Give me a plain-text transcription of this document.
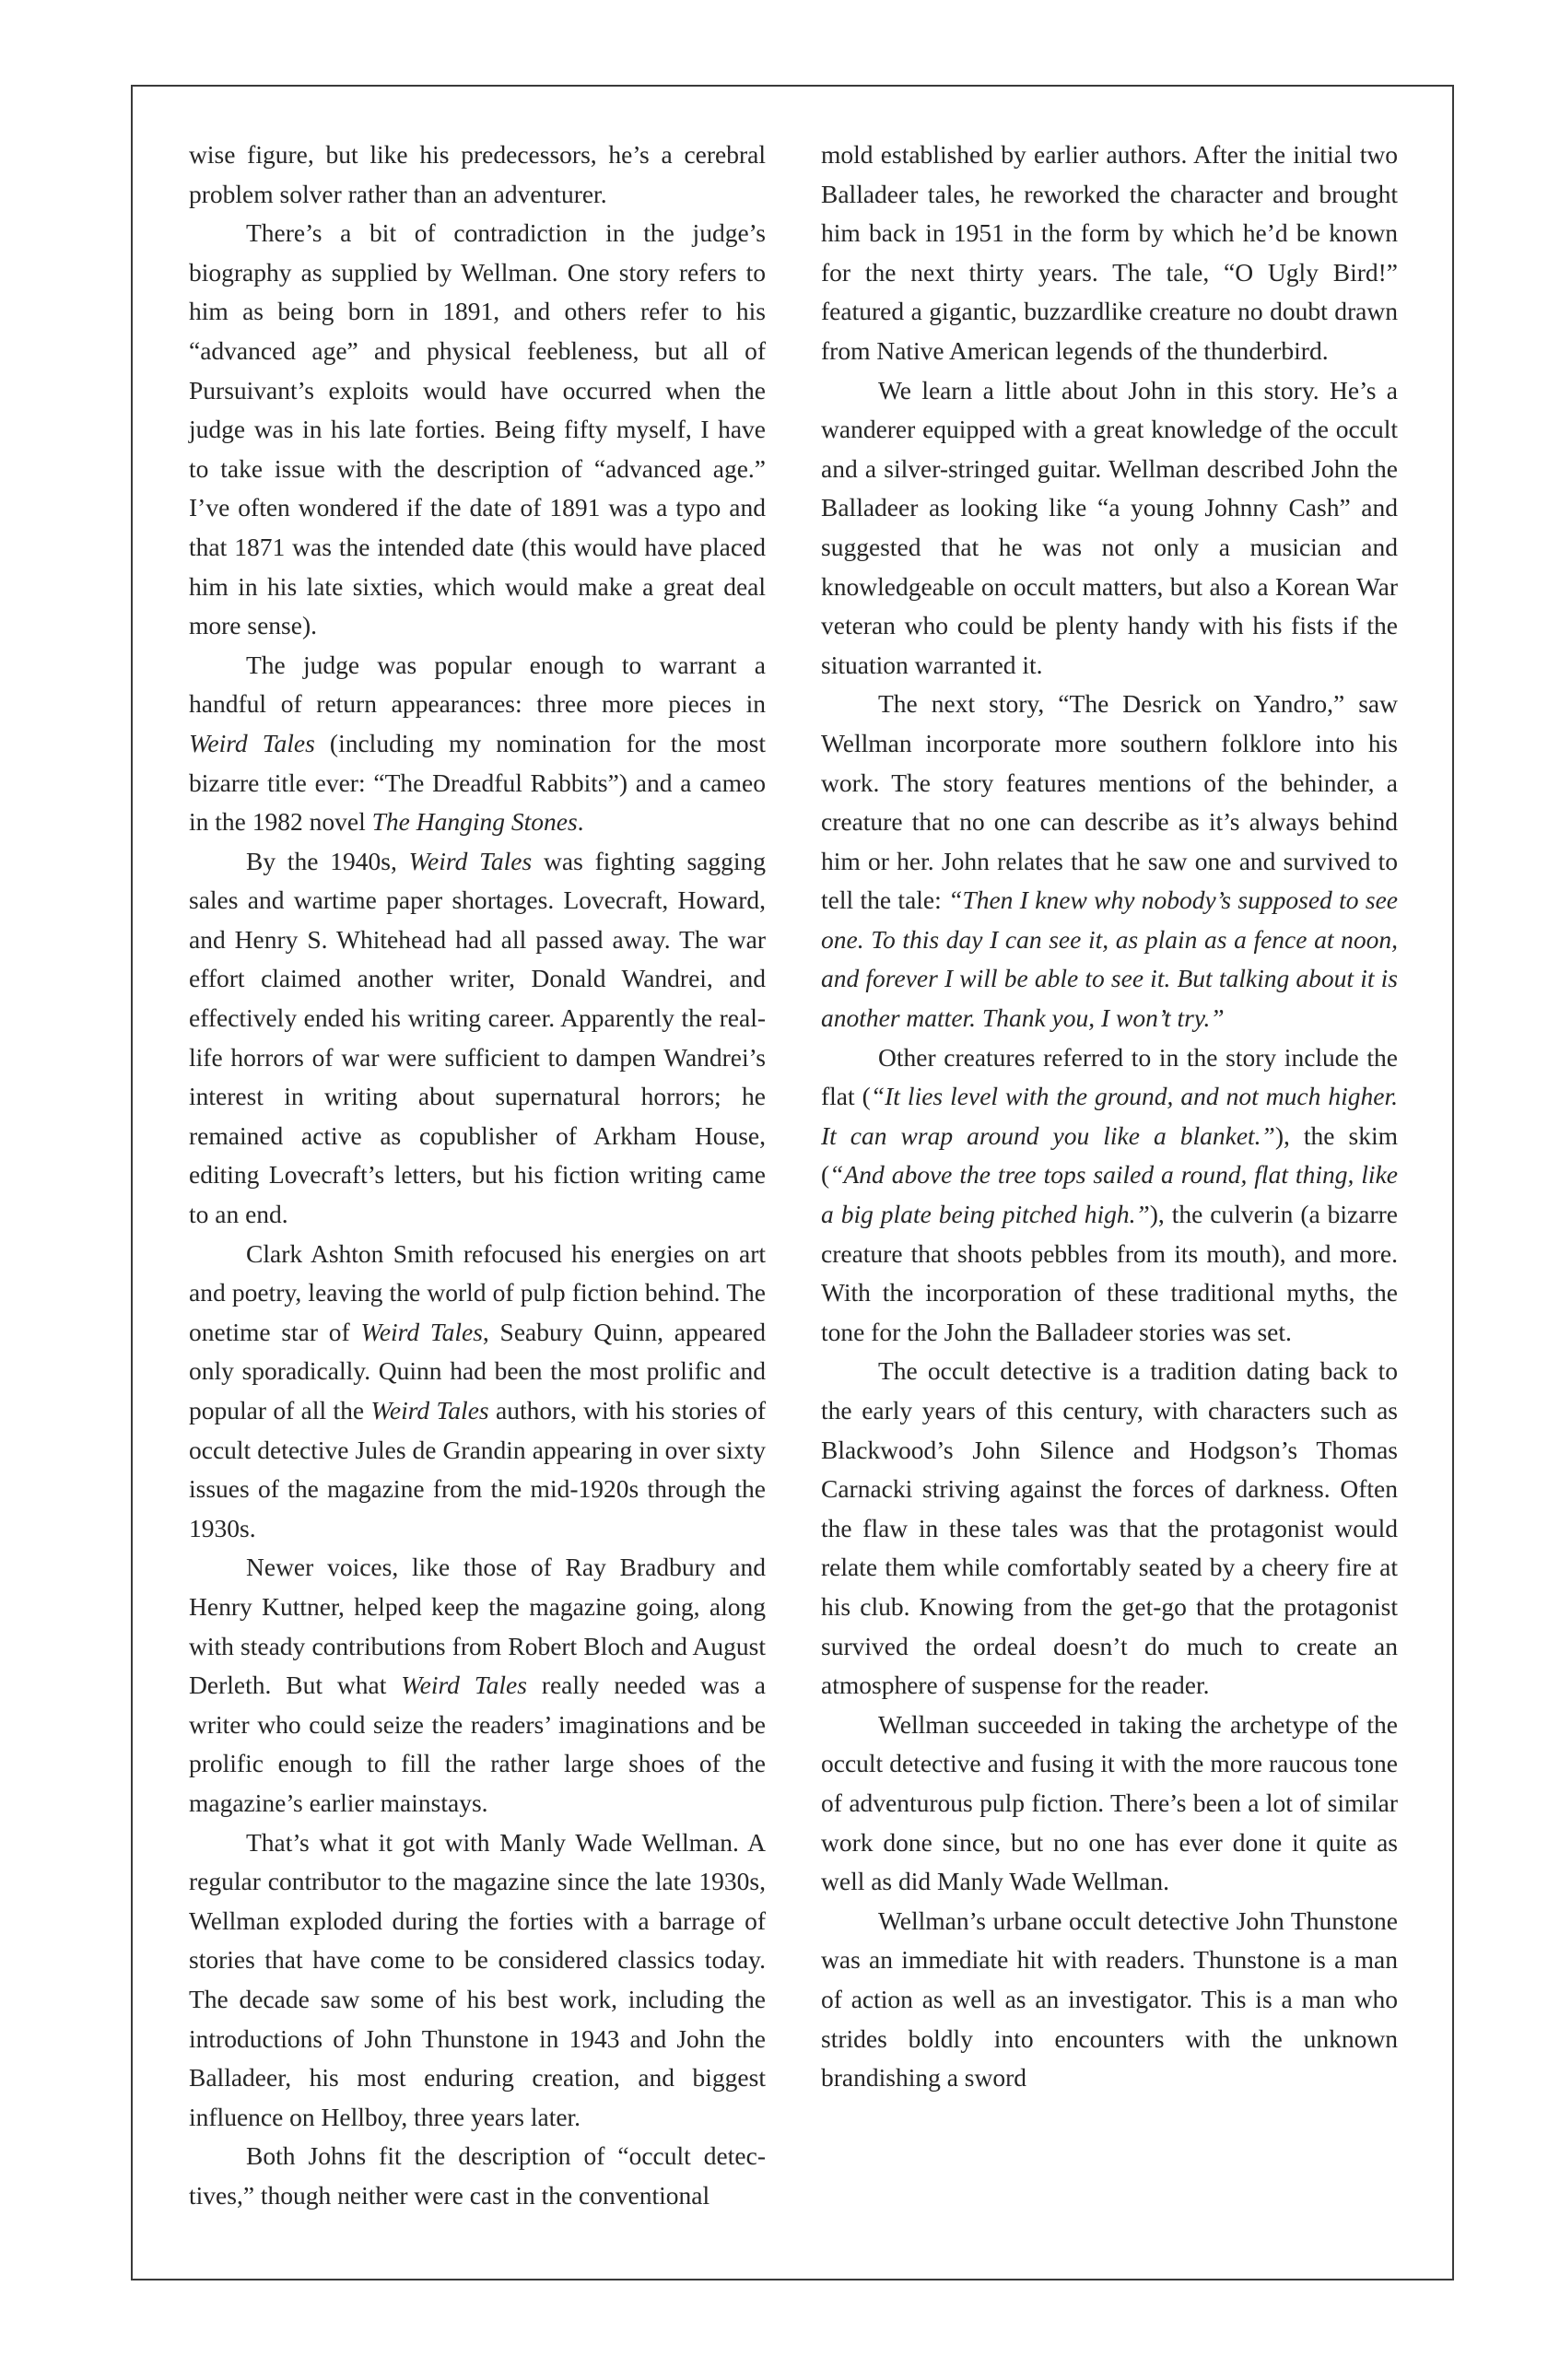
wise figure, but like his predecessors, he’s a cerebral problem solver rather than an adventurer.

There’s a bit of contradiction in the judge’s biography as supplied by Wellman. One story refers to him as being born in 1891, and others refer to his “advanced age” and physical feebleness, but all of Pursuivant’s exploits would have occurred when the judge was in his late forties. Being fifty myself, I have to take issue with the description of “advanced age.” I’ve often wondered if the date of 1891 was a typo and that 1871 was the intended date (this would have placed him in his late sixties, which would make a great deal more sense).

The judge was popular enough to warrant a handful of return appearances: three more pieces in Weird Tales (including my nomination for the most bizarre title ever: “The Dreadful Rabbits”) and a cameo in the 1982 novel The Hanging Stones.

By the 1940s, Weird Tales was fighting sagging sales and wartime paper shortages. Lovecraft, Howard, and Henry S. Whitehead had all passed away. The war effort claimed another writer, Donald Wandrei, and effectively ended his writing career. Apparently the real-life horrors of war were sufficient to dampen Wandrei’s interest in writing about supernatural horrors; he remained active as copublisher of Arkham House, editing Lovecraft’s letters, but his fiction writing came to an end.

Clark Ashton Smith refocused his energies on art and poetry, leaving the world of pulp fiction behind. The onetime star of Weird Tales, Seabury Quinn, appeared only sporadically. Quinn had been the most prolific and popular of all the Weird Tales authors, with his stories of occult detective Jules de Grandin appearing in over sixty issues of the magazine from the mid-1920s through the 1930s.

Newer voices, like those of Ray Bradbury and Henry Kuttner, helped keep the magazine going, along with steady contributions from Robert Bloch and August Derleth. But what Weird Tales really needed was a writer who could seize the readers’ imaginations and be prolific enough to fill the rather large shoes of the magazine’s earlier mainstays.

That’s what it got with Manly Wade Wellman. A regular contributor to the magazine since the late 1930s, Wellman exploded during the forties with a barrage of stories that have come to be considered classics today. The decade saw some of his best work, including the introductions of John Thunstone in 1943 and John the Balladeer, his most enduring creation, and biggest influence on Hellboy, three years later.

Both Johns fit the description of “occult detectives,” though neither were cast in the conventional

mold established by earlier authors. After the initial two Balladeer tales, he reworked the character and brought him back in 1951 in the form by which he’d be known for the next thirty years. The tale, “O Ugly Bird!” featured a gigantic, buzzardlike creature no doubt drawn from Native American legends of the thunderbird.

We learn a little about John in this story. He’s a wanderer equipped with a great knowledge of the occult and a silver-stringed guitar. Wellman described John the Balladeer as looking like “a young Johnny Cash” and suggested that he was not only a musician and knowledgeable on occult matters, but also a Korean War veteran who could be plenty handy with his fists if the situation warranted it.

The next story, “The Desrick on Yandro,” saw Wellman incorporate more southern folklore into his work. The story features mentions of the behinder, a creature that no one can describe as it’s always behind him or her. John relates that he saw one and survived to tell the tale: “Then I knew why nobody’s supposed to see one. To this day I can see it, as plain as a fence at noon, and forever I will be able to see it. But talking about it is another matter. Thank you, I won’t try.”

Other creatures referred to in the story include the flat (“It lies level with the ground, and not much higher. It can wrap around you like a blanket.”), the skim (“And above the tree tops sailed a round, flat thing, like a big plate being pitched high.”), the culverin (a bizarre creature that shoots pebbles from its mouth), and more. With the incorporation of these traditional myths, the tone for the John the Balladeer stories was set.

The occult detective is a tradition dating back to the early years of this century, with characters such as Blackwood’s John Silence and Hodgson’s Thomas Carnacki striving against the forces of darkness. Often the flaw in these tales was that the protagonist would relate them while comfortably seated by a cheery fire at his club. Knowing from the get-go that the protagonist survived the ordeal doesn’t do much to create an atmosphere of suspense for the reader.

Wellman succeeded in taking the archetype of the occult detective and fusing it with the more raucous tone of adventurous pulp fiction. There’s been a lot of similar work done since, but no one has ever done it quite as well as did Manly Wade Wellman.

Wellman’s urbane occult detective John Thunstone was an immediate hit with readers. Thunstone is a man of action as well as an investigator. This is a man who strides boldly into encounters with the unknown brandishing a sword
